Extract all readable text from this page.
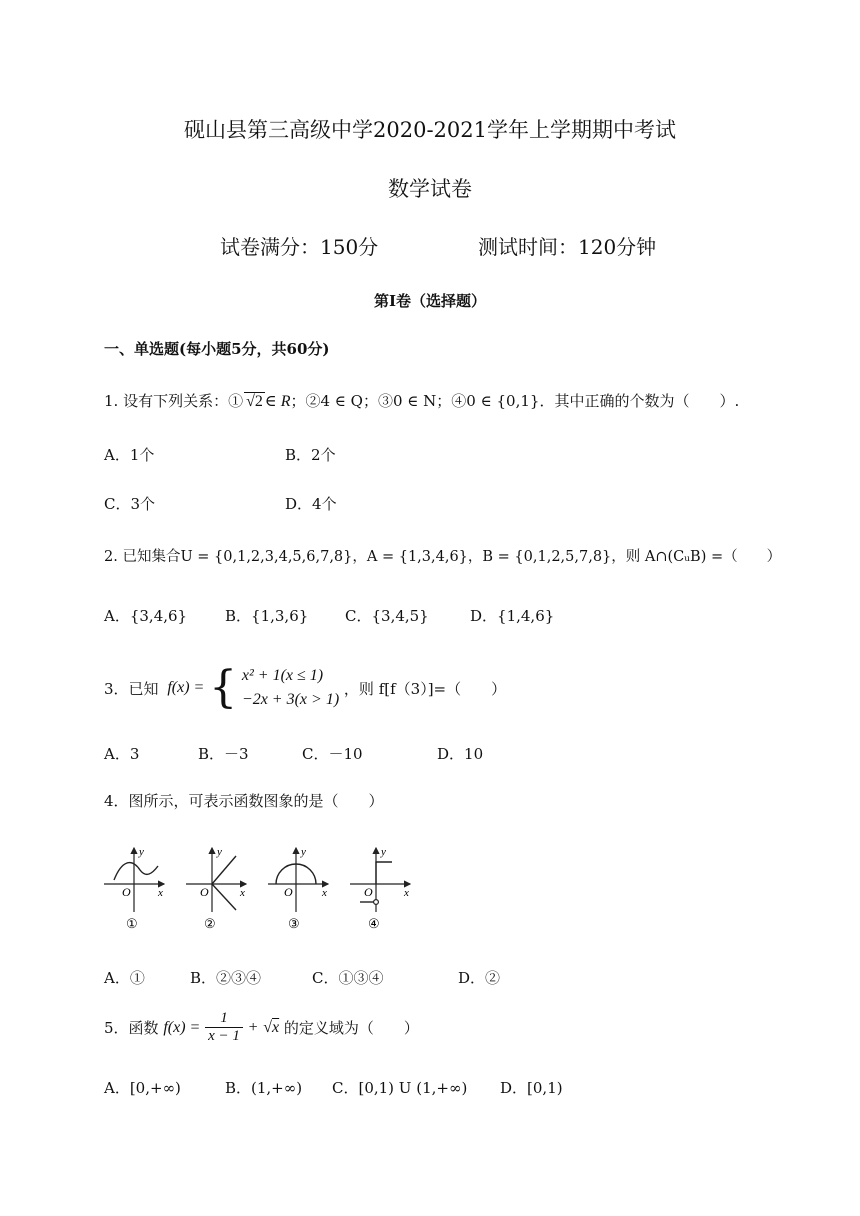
砚山县第三高级中学2020-2021学年上学期期中考试
数学试卷
试卷满分：150分	测试时间：120分钟
第Ⅰ卷（选择题）
一、单选题(每小题5分，共60分)
1. 设有下列关系：① √2 ∈ R；②4 ∈ Q；③0 ∈ N；④0 ∈ {0,1}．其中正确的个数为（　　）.
A．1个	B．2个
C．3个	D．4个
2. 已知集合U = {0,1,2,3,4,5,6,7,8}，A = {1,3,4,6}，B = {0,1,2,5,7,8}，则 A∩(CᵤB) =（　　）
A．{3,4,6}	B．{1,3,6} C．{3,4,5}	D．{1,4,6}
3．已知 f(x) = { x² + 1(x ≤ 1)
−2x + 3(x > 1)
，则 f[f（3）]=（　　）
A．3	B．－3	C．－10	D．10
4．图所示，可表示函数图象的是（　　）
y
x
O
①
y
x
O
②
y
x
O
③
y
x
O
④
A．①	B．②③④	C．①③④	D．②
5．函数 $f(x) = \frac{1}{x - 1} + √x$ 的定义域为（　　）
A．[0,+∞)	B．(1,+∞) C．[0,1) U (1,+∞) D．[0,1)
